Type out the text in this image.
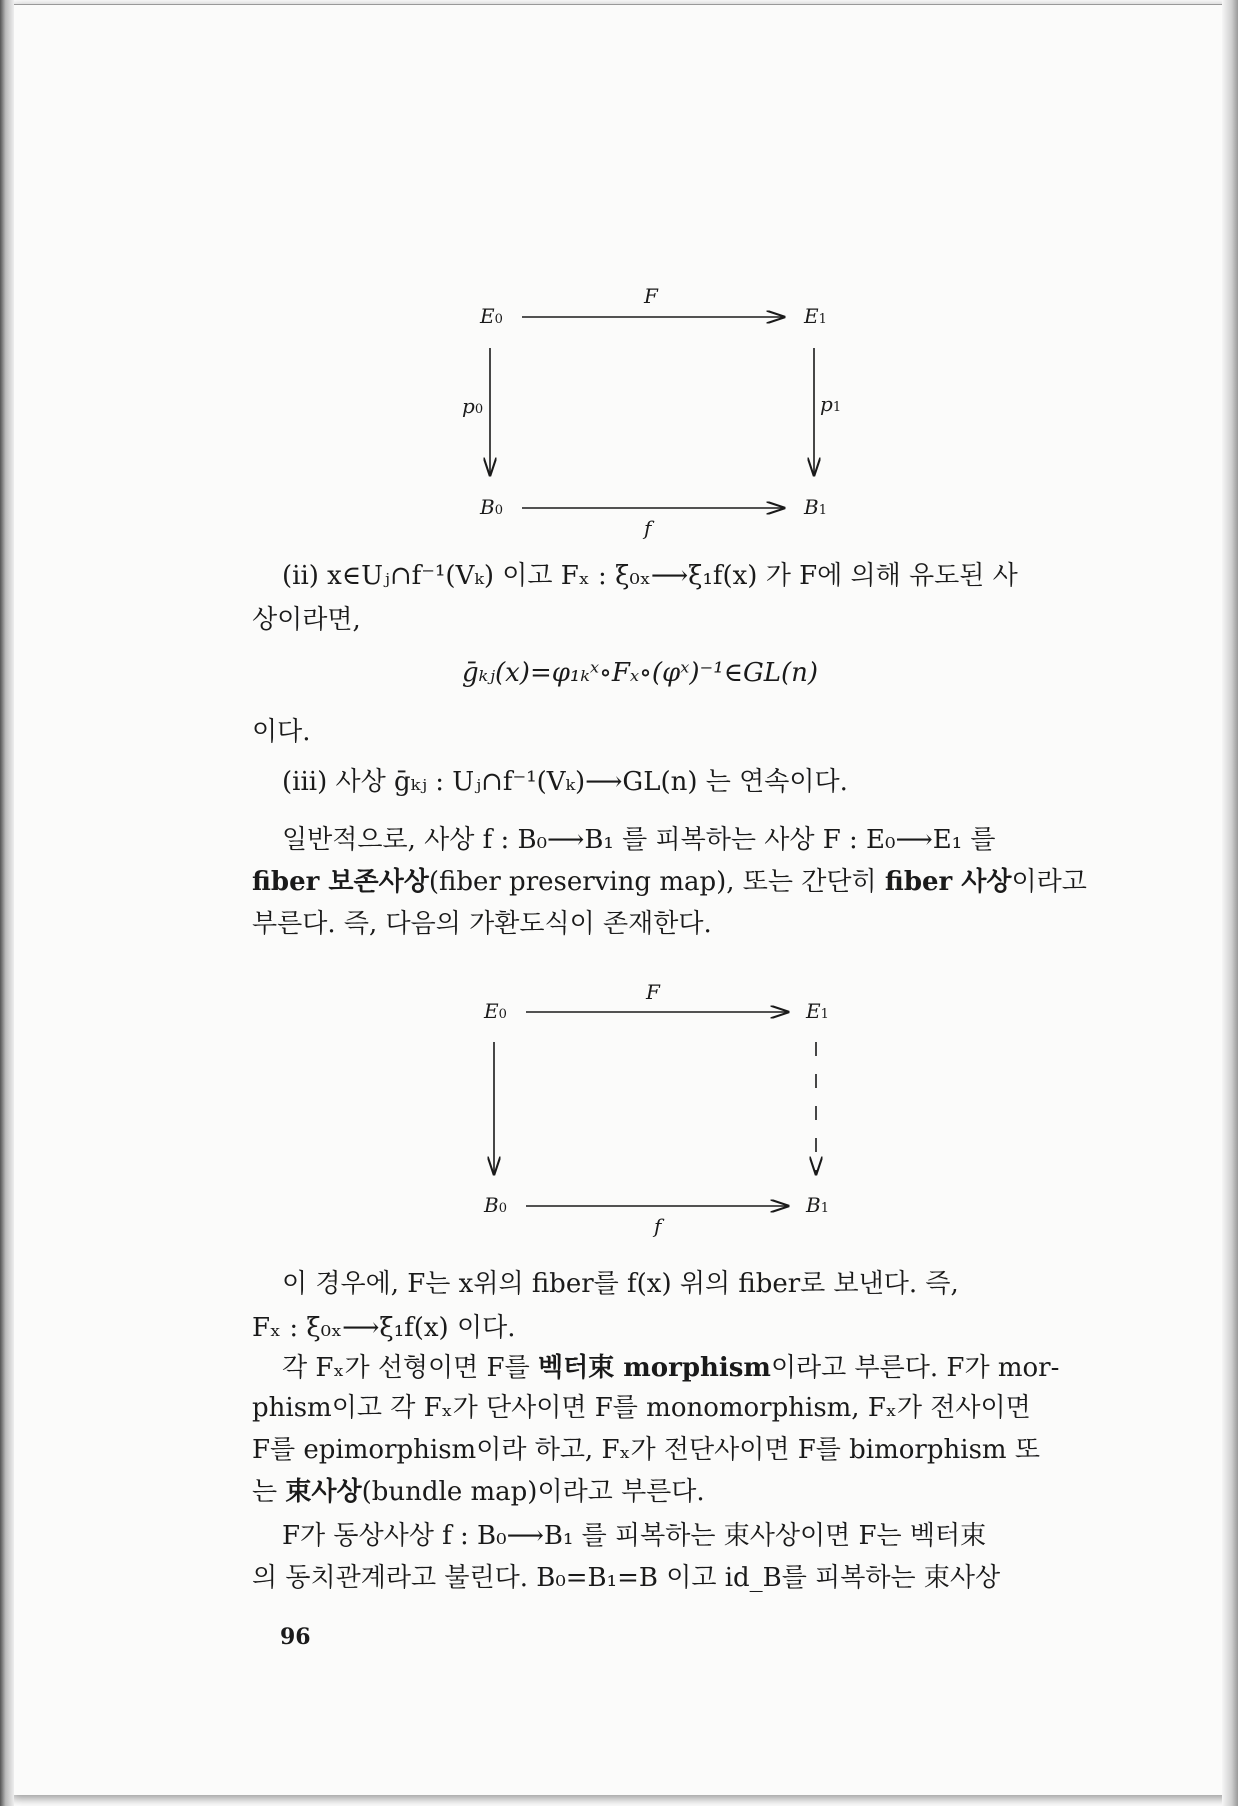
E0	E1
B0	B1
F
f
p0	p1
(ii) x∈Uⱼ∩f⁻¹(Vₖ) 이고 Fₓ : ξ₀ₓ⟶ξ₁f(x) 가 F에 의해 유도된 사
상이라면,
ḡₖⱼ(x)=φ₁ₖˣ∘Fₓ∘(φˣ)⁻¹∈GL(n)
이다.
(iii) 사상 ḡₖⱼ : Uⱼ∩f⁻¹(Vₖ)⟶GL(n) 는 연속이다.
일반적으로, 사상 f : B₀⟶B₁ 를 피복하는 사상 F : E₀⟶E₁ 를
fiber 보존사상(fiber preserving map), 또는 간단히 fiber 사상이라고
부른다. 즉, 다음의 가환도식이 존재한다.
E0	E1
B0	B1
F
f
이 경우에, F는 x위의 fiber를 f(x) 위의 fiber로 보낸다. 즉,
Fₓ : ξ₀ₓ⟶ξ₁f(x) 이다.
각 Fₓ가 선형이면 F를 벡터束 morphism이라고 부른다. F가 mor-
phism이고 각 Fₓ가 단사이면 F를 monomorphism, Fₓ가 전사이면
F를 epimorphism이라 하고, Fₓ가 전단사이면 F를 bimorphism 또
는 束사상(bundle map)이라고 부른다.
F가 동상사상 f : B₀⟶B₁ 를 피복하는 束사상이면 F는 벡터束
의 동치관계라고 불린다. B₀=B₁=B 이고 id_B를 피복하는 束사상
96
